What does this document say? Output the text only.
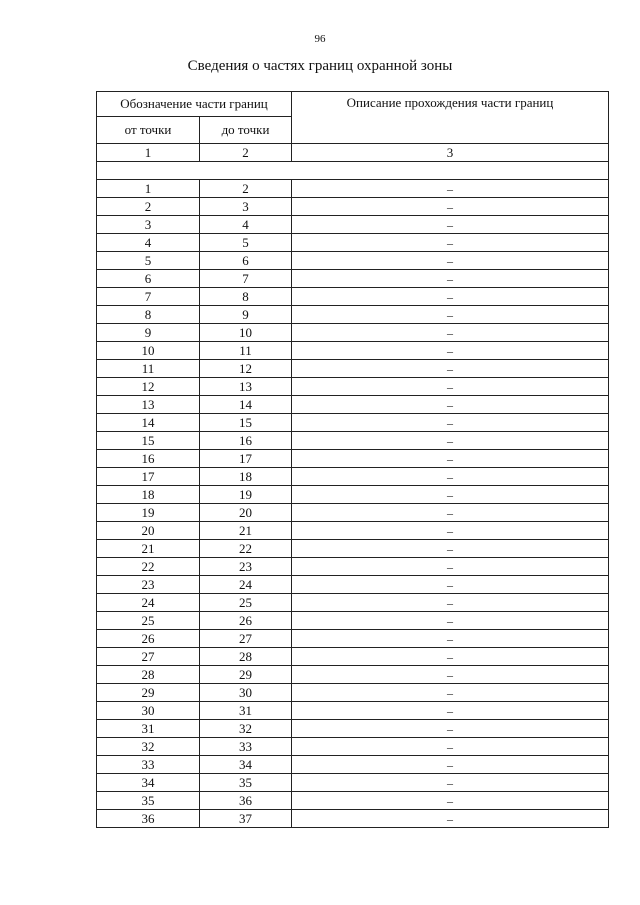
96
Сведения о частях границ охранной зоны
Обозначение части границ		Описание прохождения части границ
от точки	до точки	
1	2	3

1	2	–
2	3	–
3	4	–
4	5	–
5	6	–
6	7	–
7	8	–
8	9	–
9	10	–
10	11	–
11	12	–
12	13	–
13	14	–
14	15	–
15	16	–
16	17	–
17	18	–
18	19	–
19	20	–
20	21	–
21	22	–
22	23	–
23	24	–
24	25	–
25	26	–
26	27	–
27	28	–
28	29	–
29	30	–
30	31	–
31	32	–
32	33	–
33	34	–
34	35	–
35	36	–
36	37	–
